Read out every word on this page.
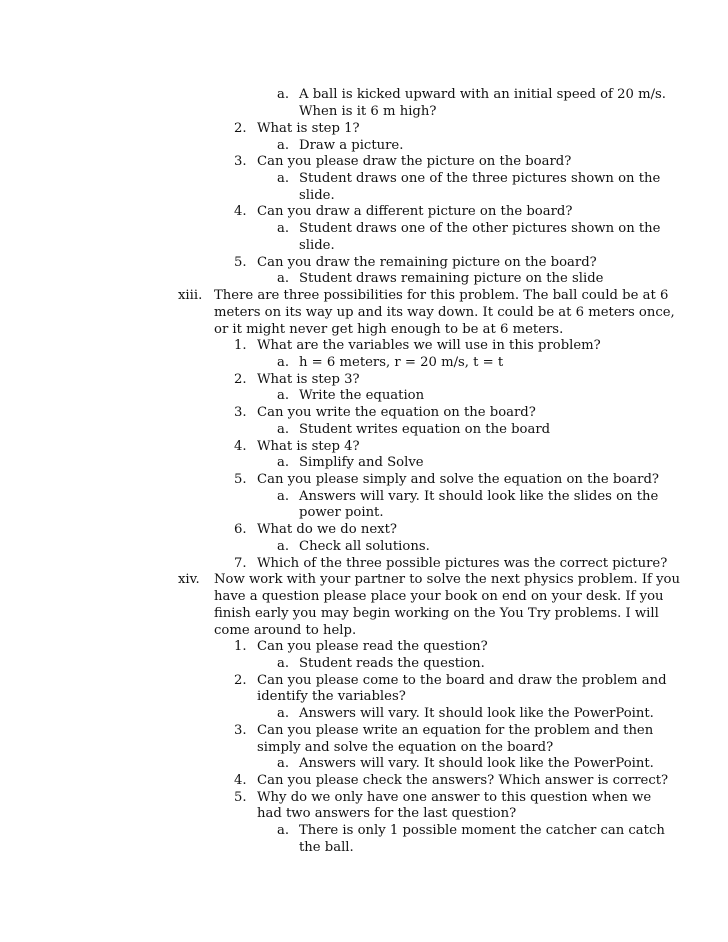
a. A ball is kicked upward with an initial speed of 20 m/s.
When is it 6 m high?
2. What is step 1?
a. Draw a picture.
3. Can you please draw the picture on the board?
a. Student draws one of the three pictures shown on the
slide.
4. Can you draw a different picture on the board?
a. Student draws one of the other pictures shown on the
slide.
5. Can you draw the remaining picture on the board?
a. Student draws remaining picture on the slide
xiii. There are three possibilities for this problem. The ball could be at 6
meters on its way up and its way down. It could be at 6 meters once,
or it might never get high enough to be at 6 meters.
1. What are the variables we will use in this problem?
a. h = 6 meters, r = 20 m/s, t = t
2. What is step 3?
a. Write the equation
3. Can you write the equation on the board?
a. Student writes equation on the board
4. What is step 4?
a. Simplify and Solve
5. Can you please simply and solve the equation on the board?
a. Answers will vary. It should look like the slides on the
power point.
6. What do we do next?
a. Check all solutions.
7. Which of the three possible pictures was the correct picture?
xiv. Now work with your partner to solve the next physics problem. If you
have a question please place your book on end on your desk. If you
finish early you may begin working on the You Try problems. I will
come around to help.
1. Can you please read the question?
a. Student reads the question.
2. Can you please come to the board and draw the problem and
identify the variables?
a. Answers will vary. It should look like the PowerPoint.
3. Can you please write an equation for the problem and then
simply and solve the equation on the board?
a. Answers will vary. It should look like the PowerPoint.
4. Can you please check the answers? Which answer is correct?
5. Why do we only have one answer to this question when we
had two answers for the last question?
a. There is only 1 possible moment the catcher can catch
the ball.
